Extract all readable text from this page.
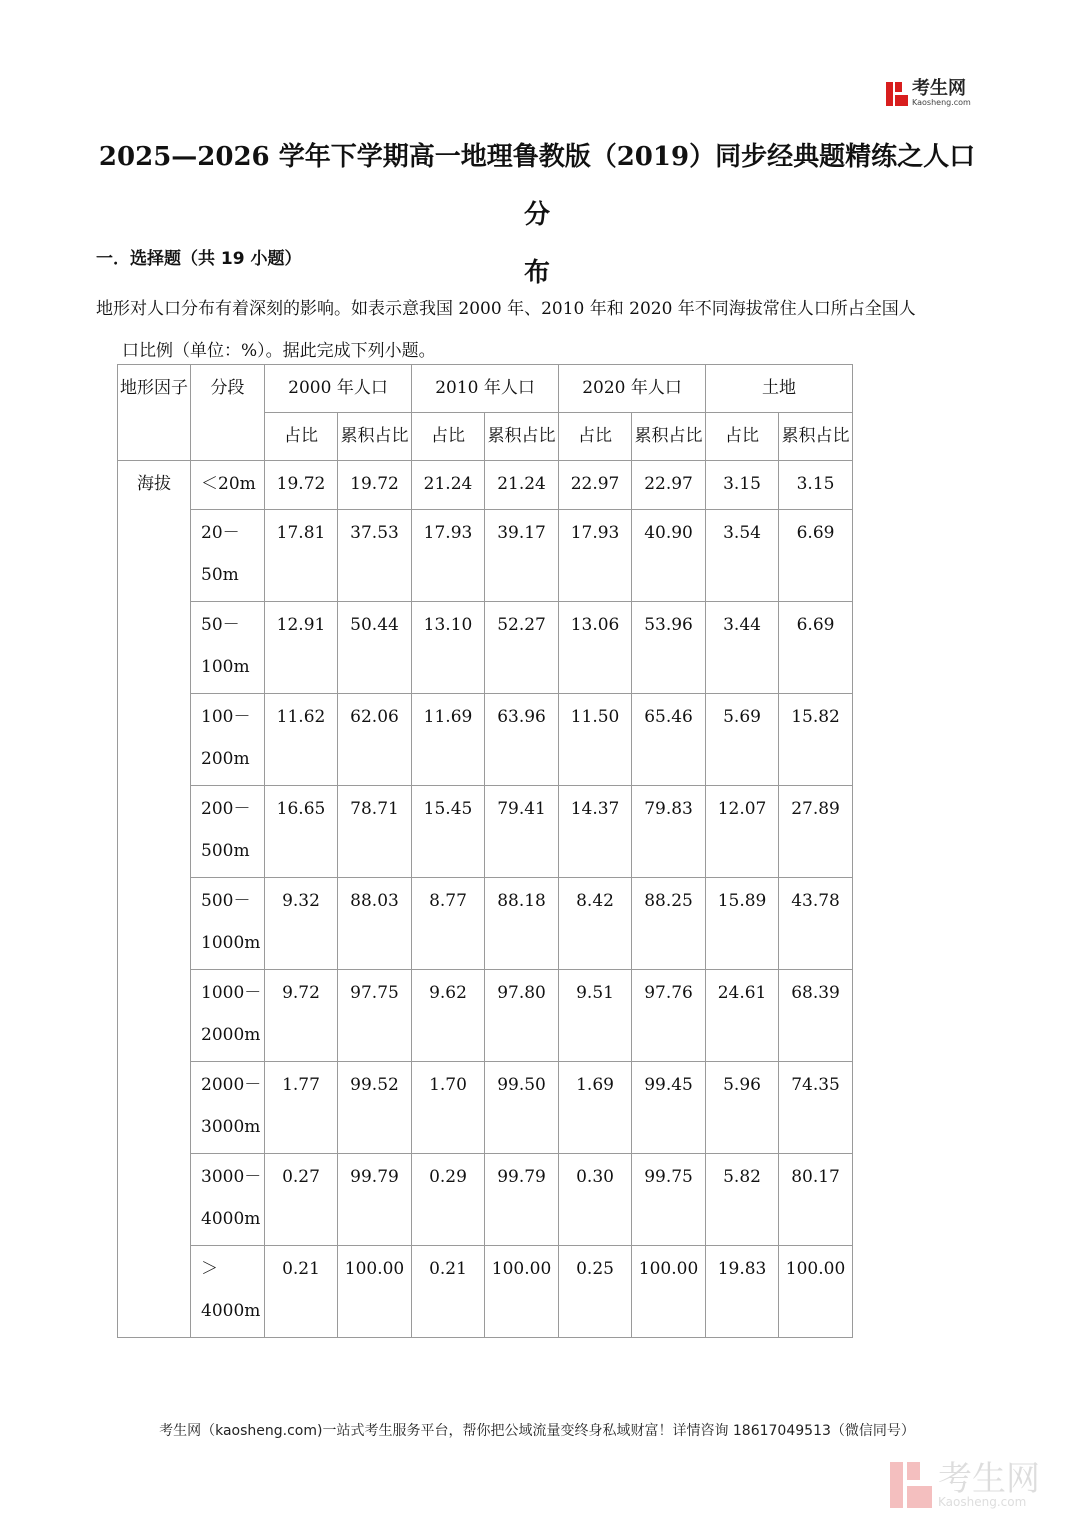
考生网
Kaosheng.com
2025—2026 学年下学期高一地理鲁教版（2019）同步经典题精练之人口分
布
一．选择题（共 19 小题）
地形对人口分布有着深刻的影响。如表示意我国 2000 年、2010 年和 2020 年不同海拔常住人口所占全国人
口比例（单位：%）。据此完成下列小题。
地形因子	分段	2000 年人口		2010 年人口		2020 年人口		土地	
		占比	累积占比	占比	累积占比	占比	累积占比	占比	累积占比
海拔	＜20m	19.72	19.72	21.24	21.24	22.97	22.97	3.15	3.15
	20－ 50m	17.81	37.53	17.93	39.17	17.93	40.90	3.54	6.69
	50－ 100m	12.91	50.44	13.10	52.27	13.06	53.96	3.44	6.69
	100－ 200m	11.62	62.06	11.69	63.96	11.50	65.46	5.69	15.82
	200－ 500m	16.65	78.71	15.45	79.41	14.37	79.83	12.07	27.89
	500－ 1000m	9.32	88.03	8.77	88.18	8.42	88.25	15.89	43.78
	1000－ 2000m	9.72	97.75	9.62	97.80	9.51	97.76	24.61	68.39
	2000－ 3000m	1.77	99.52	1.70	99.50	1.69	99.45	5.96	74.35
	3000－ 4000m	0.27	99.79	0.29	99.79	0.30	99.75	5.82	80.17
	＞ 4000m	0.21	100.00	0.21	100.00	0.25	100.00	19.83	100.00
考生网（kaosheng.com)一站式考生服务平台，帮你把公域流量变终身私域财富！详情咨询 18617049513（微信同号）
考生网
Kaosheng.com
